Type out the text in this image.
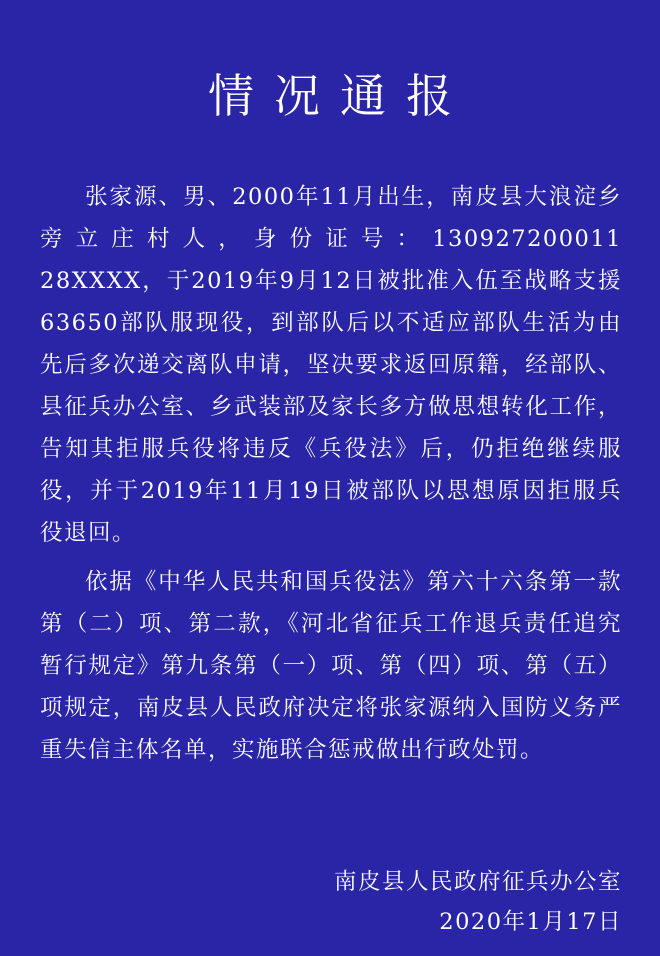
情况通报
张家源、男、2000年11月出生，南皮县大浪淀乡旁立庄村人，身份证号：130927200011 28XXXX，于2019年9月12日被批准入伍至战略支援63650部队服现役，到部队后以不适应部队生活为由先后多次递交离队申请，坚决要求返回原籍，经部队、县征兵办公室、乡武装部及家长多方做思想转化工作，告知其拒服兵役将违反《兵役法》后，仍拒绝继续服役，并于2019年11月19日被部队以思想原因拒服兵役退回。
依据《中华人民共和国兵役法》第六十六条第一款第（二）项、第二款，《河北省征兵工作退兵责任追究暂行规定》第九条第（一）项、第（四）项、第（五）项规定，南皮县人民政府决定将张家源纳入国防义务严重失信主体名单，实施联合惩戒做出行政处罚。
南皮县人民政府征兵办公室
2020年1月17日
